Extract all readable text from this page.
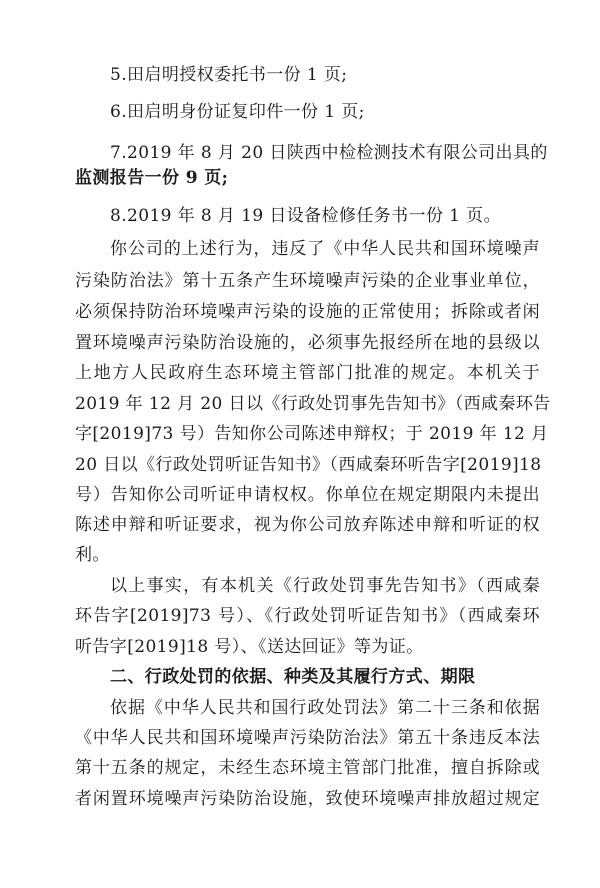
5.田启明授权委托书一份 1 页;
6.田启明身份证复印件一份 1 页;
7.2019 年 8 月 20 日陕西中检检测技术有限公司出具的
监测报告一份 9 页;
8.2019 年 8 月 19 日设备检修任务书一份 1 页。
你公司的上述行为，违反了《中华人民共和国环境噪声
污染防治法》第十五条产生环境噪声污染的企业事业单位，
必须保持防治环境噪声污染的设施的正常使用；拆除或者闲
置环境噪声污染防治设施的，必须事先报经所在地的县级以
上地方人民政府生态环境主管部门批准的规定。本机关于
2019 年 12 月 20 日以《行政处罚事先告知书》（西咸秦环告
字[2019]73 号）告知你公司陈述申辩权；于 2019 年 12 月
20 日以《行政处罚听证告知书》（西咸秦环听告字[2019]18
号）告知你公司听证申请权权。你单位在规定期限内未提出
陈述申辩和听证要求，视为你公司放弃陈述申辩和听证的权
利。
以上事实，有本机关《行政处罚事先告知书》（西咸秦
环告字[2019]73 号）、《行政处罚听证告知书》（西咸秦环
听告字[2019]18 号）、《送达回证》等为证。
二、行政处罚的依据、种类及其履行方式、期限
依据《中华人民共和国行政处罚法》第二十三条和依据
《中华人民共和国环境噪声污染防治法》第五十条违反本法
第十五条的规定，未经生态环境主管部门批准，擅自拆除或
者闲置环境噪声污染防治设施，致使环境噪声排放超过规定
